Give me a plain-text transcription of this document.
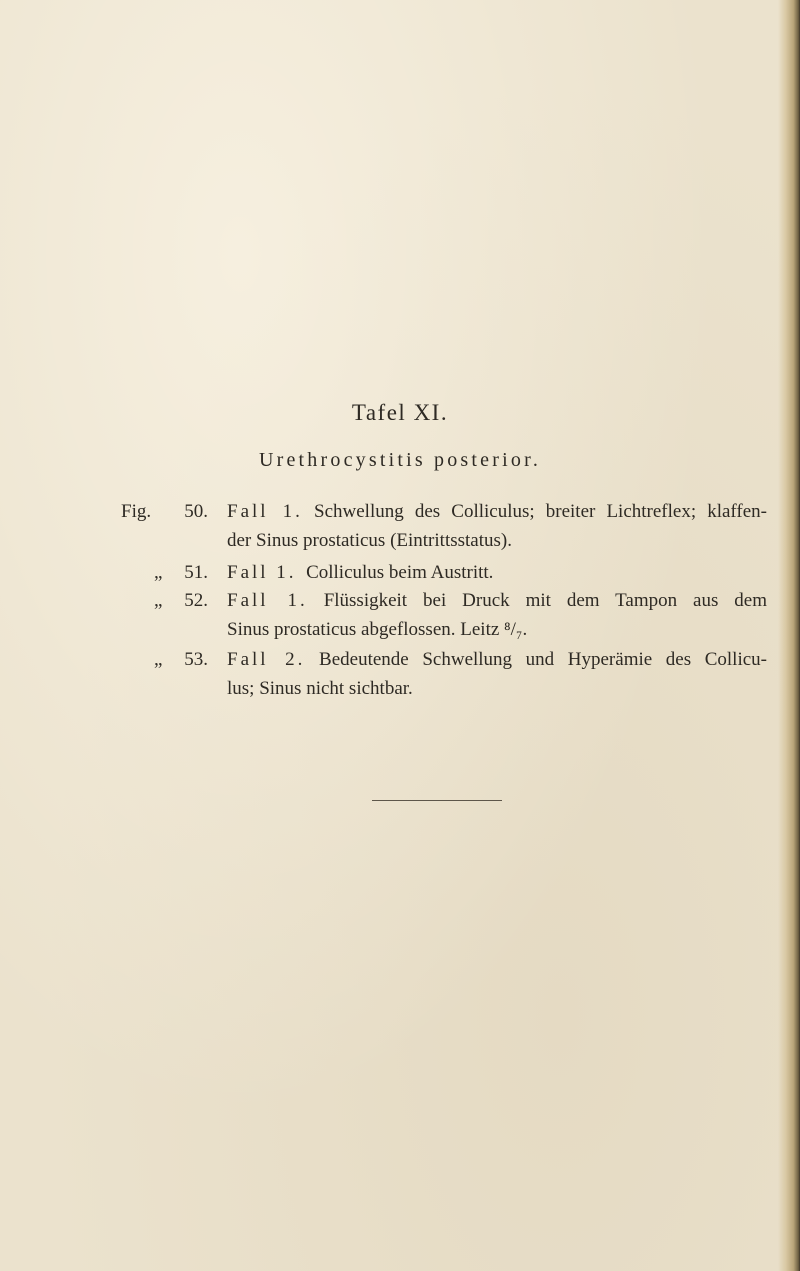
Tafel XI.

Urethrocystitis posterior.

Fig.	50. Fall 1. Schwellung des Colliculus; breiter Lichtreflex; klaffen-
der Sinus prostaticus (Eintrittsstatus).
„	51. Fall 1. Colliculus beim Austritt.
„	52. Fall 1. Flüssigkeit bei Druck mit dem Tampon aus dem
Sinus prostaticus abgeflossen. Leitz ⁸/₇.
„	53. Fall 2. Bedeutende Schwellung und Hyperämie des Collicu-
lus; Sinus nicht sichtbar.
